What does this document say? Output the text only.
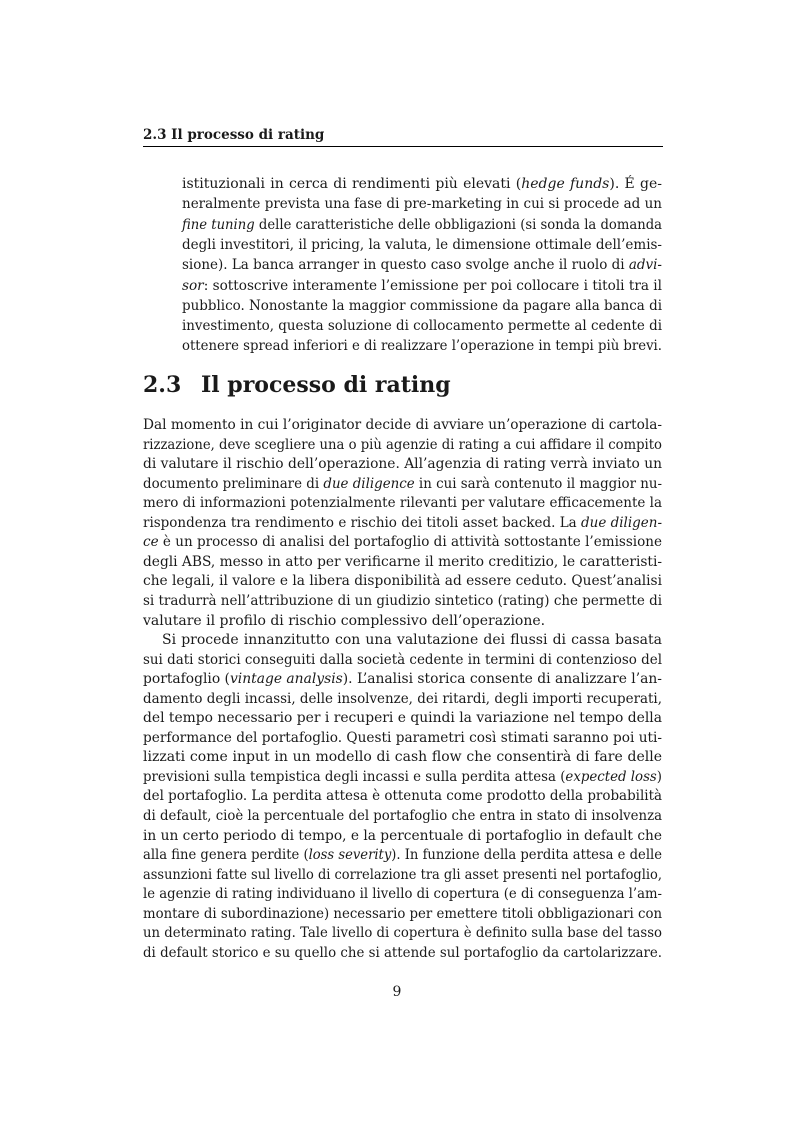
2.3 Il processo di rating
2.3 Il processo di rating
9
istituzionali in cerca di rendimenti più elevati (hedge funds). É ge-
neralmente prevista una fase di pre-marketing in cui si procede ad un
fine tuning delle caratteristiche delle obbligazioni (si sonda la domanda
degli investitori, il pricing, la valuta, le dimensione ottimale dell’emis-
sione). La banca arranger in questo caso svolge anche il ruolo di advi-
sor: sottoscrive interamente l’emissione per poi collocare i titoli tra il
pubblico. Nonostante la maggior commissione da pagare alla banca di
investimento, questa soluzione di collocamento permette al cedente di
ottenere spread inferiori e di realizzare l’operazione in tempi più brevi.
Dal momento in cui l’originator decide di avviare un’operazione di cartola-
rizzazione, deve scegliere una o più agenzie di rating a cui affidare il compito
di valutare il rischio dell’operazione. All’agenzia di rating verrà inviato un
documento preliminare di due diligence in cui sarà contenuto il maggior nu-
mero di informazioni potenzialmente rilevanti per valutare efficacemente la
rispondenza tra rendimento e rischio dei titoli asset backed. La due diligen-
ce è un processo di analisi del portafoglio di attività sottostante l’emissione
degli ABS, messo in atto per verificarne il merito creditizio, le caratteristi-
che legali, il valore e la libera disponibilità ad essere ceduto. Quest’analisi
si tradurrà nell’attribuzione di un giudizio sintetico (rating) che permette di
valutare il profilo di rischio complessivo dell’operazione.
Si procede innanzitutto con una valutazione dei flussi di cassa basata
sui dati storici conseguiti dalla società cedente in termini di contenzioso del
portafoglio (vintage analysis). L’analisi storica consente di analizzare l’an-
damento degli incassi, delle insolvenze, dei ritardi, degli importi recuperati,
del tempo necessario per i recuperi e quindi la variazione nel tempo della
performance del portafoglio. Questi parametri così stimati saranno poi uti-
lizzati come input in un modello di cash flow che consentirà di fare delle
previsioni sulla tempistica degli incassi e sulla perdita attesa (expected loss)
del portafoglio. La perdita attesa è ottenuta come prodotto della probabilità
di default, cioè la percentuale del portafoglio che entra in stato di insolvenza
in un certo periodo di tempo, e la percentuale di portafoglio in default che
alla fine genera perdite (loss severity). In funzione della perdita attesa e delle
assunzioni fatte sul livello di correlazione tra gli asset presenti nel portafoglio,
le agenzie di rating individuano il livello di copertura (e di conseguenza l’am-
montare di subordinazione) necessario per emettere titoli obbligazionari con
un determinato rating. Tale livello di copertura è definito sulla base del tasso
di default storico e su quello che si attende sul portafoglio da cartolarizzare.
